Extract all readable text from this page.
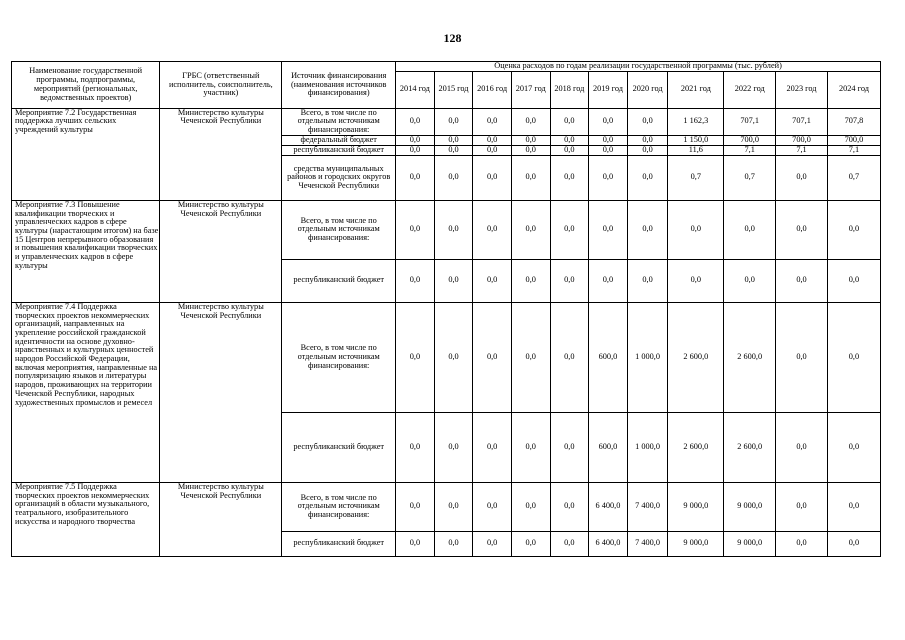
128
Наименование государственной программы, подпрограммы, мероприятий (региональных, ведомственных проектов)	ГРБС (ответственный исполнитель, соисполнитель, участник)	Источник финансирования (наименования источников финансирования)	Оценка расходов по годам реализации государственной программы (тыс. рублей)										
			2014 год	2015 год	2016 год	2017 год	2018 год	2019 год	2020 год	2021 год	2022 год	2023 год	2024 год
Мероприятие 7.2 Государственная поддержка лучших сельских учреждений культуры	Министерство культуры Чеченской Республики	Всего, в том числе по отдельным источникам финансирования:	0,0	0,0	0,0	0,0	0,0	0,0	0,0	1 162,3	707,1	707,1	707,8
		федеральный бюджет	0,0	0,0	0,0	0,0	0,0	0,0	0,0	1 150,0	700,0	700,0	700,0
		республиканский бюджет	0,0	0,0	0,0	0,0	0,0	0,0	0,0	11,6	7,1	7,1	7,1
		средства муниципальных районов и городских округов Чеченской Республики	0,0	0,0	0,0	0,0	0,0	0,0	0,0	0,7	0,7	0,0	0,7
Мероприятие 7.3 Повышение квалификации творческих и управленческих кадров в сфере культуры (нарастающим итогом) на базе 15 Центров непрерывного образования и повышения квалификации творческих и управленческих кадров в сфере культуры	Министерство культуры Чеченской Республики	Всего, в том числе по отдельным источникам финансирования:	0,0	0,0	0,0	0,0	0,0	0,0	0,0	0,0	0,0	0,0	0,0
		республиканский бюджет	0,0	0,0	0,0	0,0	0,0	0,0	0,0	0,0	0,0	0,0	0,0
Мероприятие 7.4 Поддержка творческих проектов некоммерческих организаций, направленных на укрепление российской гражданской идентичности на основе духовно-нравственных и культурных ценностей народов Российской Федерации, включая мероприятия, направленные на популяризацию языков и литературы народов, проживающих на территории Чеченской Республики, народных художественных промыслов и ремесел	Министерство культуры Чеченской Республики	Всего, в том числе по отдельным источникам финансирования:	0,0	0,0	0,0	0,0	0,0	600,0	1 000,0	2 600,0	2 600,0	0,0	0,0
		республиканский бюджет	0,0	0,0	0,0	0,0	0,0	600,0	1 000,0	2 600,0	2 600,0	0,0	0,0
Мероприятие 7.5 Поддержка творческих проектов некоммерческих организаций в области музыкального, театрального, изобразительного искусства и народного творчества	Министерство культуры Чеченской Республики	Всего, в том числе по отдельным источникам финансирования:	0,0	0,0	0,0	0,0	0,0	6 400,0	7 400,0	9 000,0	9 000,0	0,0	0,0
		республиканский бюджет	0,0	0,0	0,0	0,0	0,0	6 400,0	7 400,0	9 000,0	9 000,0	0,0	0,0
